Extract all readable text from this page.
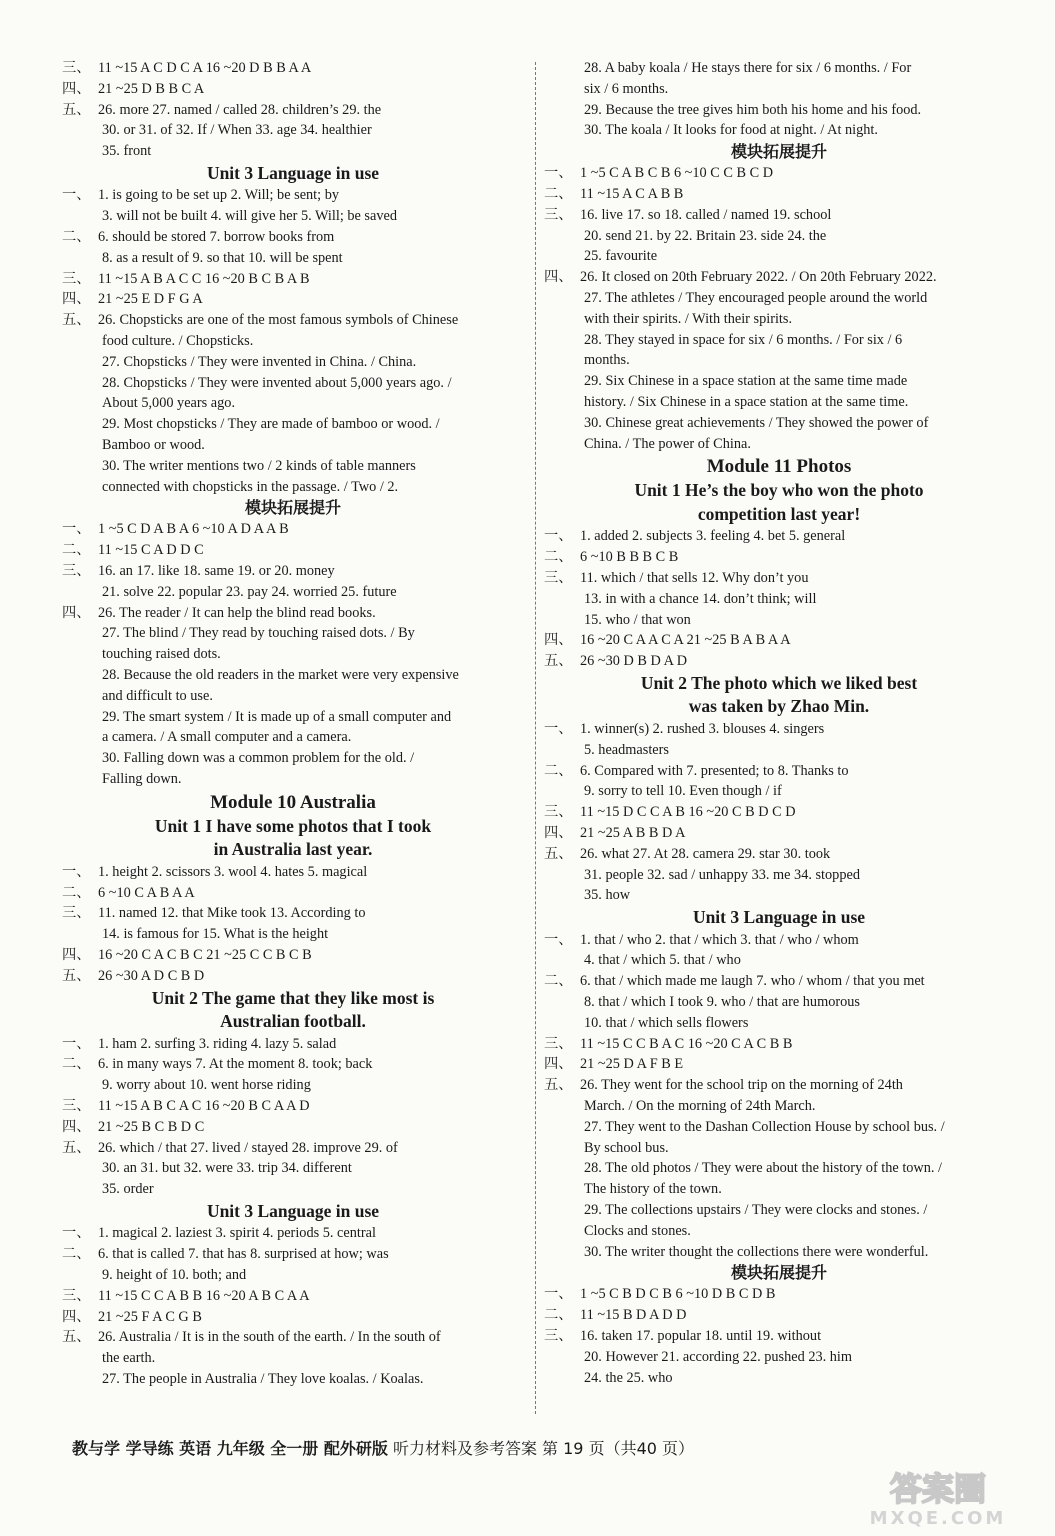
三、 11 ~15 A C D C A 16 ~20 D B B A A
四、 21 ~25 D B B C A
五、 26. more 27. named / called 28. children’s 29. the
30. or 31. of 32. If / When 33. age 34. healthier
35. front
Unit 3 Language in use
一、 1. is going to be set up 2. Will; be sent; by
3. will not be built 4. will give her 5. Will; be saved
二、 6. should be stored 7. borrow books from
8. as a result of 9. so that 10. will be spent
三、 11 ~15 A B A C C 16 ~20 B C B A B
四、 21 ~25 E D F G A
五、 26. Chopsticks are one of the most famous symbols of Chinese
food culture. / Chopsticks.
27. Chopsticks / They were invented in China. / China.
28. Chopsticks / They were invented about 5,000 years ago. /
About 5,000 years ago.
29. Most chopsticks / They are made of bamboo or wood. /
Bamboo or wood.
30. The writer mentions two / 2 kinds of table manners
connected with chopsticks in the passage. / Two / 2.
模块拓展提升
一、 1 ~5 C D A B A 6 ~10 A D A A B
二、 11 ~15 C A D D C
三、 16. an 17. like 18. same 19. or 20. money
21. solve 22. popular 23. pay 24. worried 25. future
四、 26. The reader / It can help the blind read books.
27. The blind / They read by touching raised dots. / By
touching raised dots.
28. Because the old readers in the market were very expensive
and difficult to use.
29. The smart system / It is made up of a small computer and
a camera. / A small computer and a camera.
30. Falling down was a common problem for the old. /
Falling down.
Module 10 Australia
Unit 1 I have some photos that I took
in Australia last year.
一、 1. height 2. scissors 3. wool 4. hates 5. magical
二、 6 ~10 C A B A A
三、 11. named 12. that Mike took 13. According to
14. is famous for 15. What is the height
四、 16 ~20 C A C B C 21 ~25 C C B C B
五、 26 ~30 A D C B D
Unit 2 The game that they like most is
Australian football.
一、 1. ham 2. surfing 3. riding 4. lazy 5. salad
二、 6. in many ways 7. At the moment 8. took; back
9. worry about 10. went horse riding
三、 11 ~15 A B C A C 16 ~20 B C A A D
四、 21 ~25 B C B D C
五、 26. which / that 27. lived / stayed 28. improve 29. of
30. an 31. but 32. were 33. trip 34. different
35. order
Unit 3 Language in use
一、 1. magical 2. laziest 3. spirit 4. periods 5. central
二、 6. that is called 7. that has 8. surprised at how; was
9. height of 10. both; and
三、 11 ~15 C C A B B 16 ~20 A B C A A
四、 21 ~25 F A C G B
五、 26. Australia / It is in the south of the earth. / In the south of
the earth.
27. The people in Australia / They love koalas. / Koalas.
28. A baby koala / He stays there for six / 6 months. / For
six / 6 months.
29. Because the tree gives him both his home and his food.
30. The koala / It looks for food at night. / At night.
模块拓展提升
一、 1 ~5 C A B C B 6 ~10 C C B C D
二、 11 ~15 A C A B B
三、 16. live 17. so 18. called / named 19. school
20. send 21. by 22. Britain 23. side 24. the
25. favourite
四、 26. It closed on 20th February 2022. / On 20th February 2022.
27. The athletes / They encouraged people around the world
with their spirits. / With their spirits.
28. They stayed in space for six / 6 months. / For six / 6
months.
29. Six Chinese in a space station at the same time made
history. / Six Chinese in a space station at the same time.
30. Chinese great achievements / They showed the power of
China. / The power of China.
Module 11 Photos
Unit 1 He’s the boy who won the photo
competition last year!
一、 1. added 2. subjects 3. feeling 4. bet 5. general
二、 6 ~10 B B B C B
三、 11. which / that sells 12. Why don’t you
13. in with a chance 14. don’t think; will
15. who / that won
四、 16 ~20 C A A C A 21 ~25 B A B A A
五、 26 ~30 D B D A D
Unit 2 The photo which we liked best
was taken by Zhao Min.
一、 1. winner(s) 2. rushed 3. blouses 4. singers
5. headmasters
二、 6. Compared with 7. presented; to 8. Thanks to
9. sorry to tell 10. Even though / if
三、 11 ~15 D C C A B 16 ~20 C B D C D
四、 21 ~25 A B B D A
五、 26. what 27. At 28. camera 29. star 30. took
31. people 32. sad / unhappy 33. me 34. stopped
35. how
Unit 3 Language in use
一、 1. that / who 2. that / which 3. that / who / whom
4. that / which 5. that / who
二、 6. that / which made me laugh 7. who / whom / that you met
8. that / which I took 9. who / that are humorous
10. that / which sells flowers
三、 11 ~15 C C B A C 16 ~20 C A C B B
四、 21 ~25 D A F B E
五、 26. They went for the school trip on the morning of 24th
March. / On the morning of 24th March.
27. They went to the Dashan Collection House by school bus. /
By school bus.
28. The old photos / They were about the history of the town. /
The history of the town.
29. The collections upstairs / They were clocks and stones. /
Clocks and stones.
30. The writer thought the collections there were wonderful.
模块拓展提升
一、 1 ~5 C B D C B 6 ~10 D B C D B
二、 11 ~15 B D A D D
三、 16. taken 17. popular 18. until 19. without
20. However 21. according 22. pushed 23. him
24. the 25. who
教与学 学导练 英语 九年级 全一册 配外研版 听力材料及参考答案 第 19 页（共40 页）
答案圈
MXQE.COM
